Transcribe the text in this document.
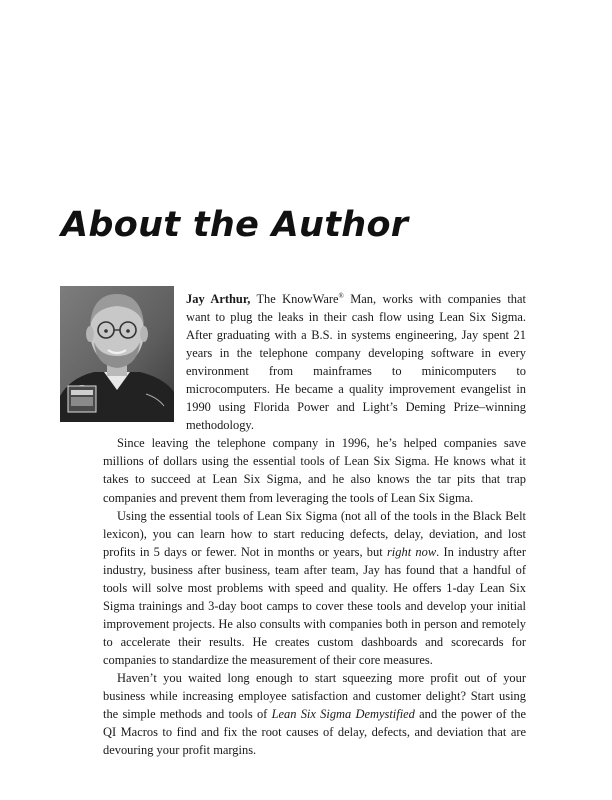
About the Author

Jay Arthur, The KnowWare® Man, works with companies that want to plug the leaks in their cash flow using Lean Six Sigma. After graduating with a B.S. in systems engineering, Jay spent 21 years in the telephone company developing software in every environment from mainframes to minicomputers to microcomputers. He became a quality improvement evangelist in 1990 using Florida Power and Light’s Deming Prize–winning methodology.

Since leaving the telephone company in 1996, he’s helped companies save millions of dollars using the essential tools of Lean Six Sigma. He knows what it takes to succeed at Lean Six Sigma, and he also knows the tar pits that trap companies and prevent them from leveraging the tools of Lean Six Sigma.

Using the essential tools of Lean Six Sigma (not all of the tools in the Black Belt lexicon), you can learn how to start reducing defects, delay, deviation, and lost profits in 5 days or fewer. Not in months or years, but right now. In industry after industry, business after business, team after team, Jay has found that a handful of tools will solve most problems with speed and quality. He offers 1-day Lean Six Sigma trainings and 3-day boot camps to cover these tools and develop your initial improvement projects. He also consults with companies both in person and remotely to accelerate their results. He creates custom dashboards and scorecards for companies to standardize the measurement of their core measures.

Haven’t you waited long enough to start squeezing more profit out of your business while increasing employee satisfaction and customer delight? Start using the simple methods and tools of Lean Six Sigma Demystified and the power of the QI Macros to find and fix the root causes of delay, defects, and deviation that are devouring your profit margins.
